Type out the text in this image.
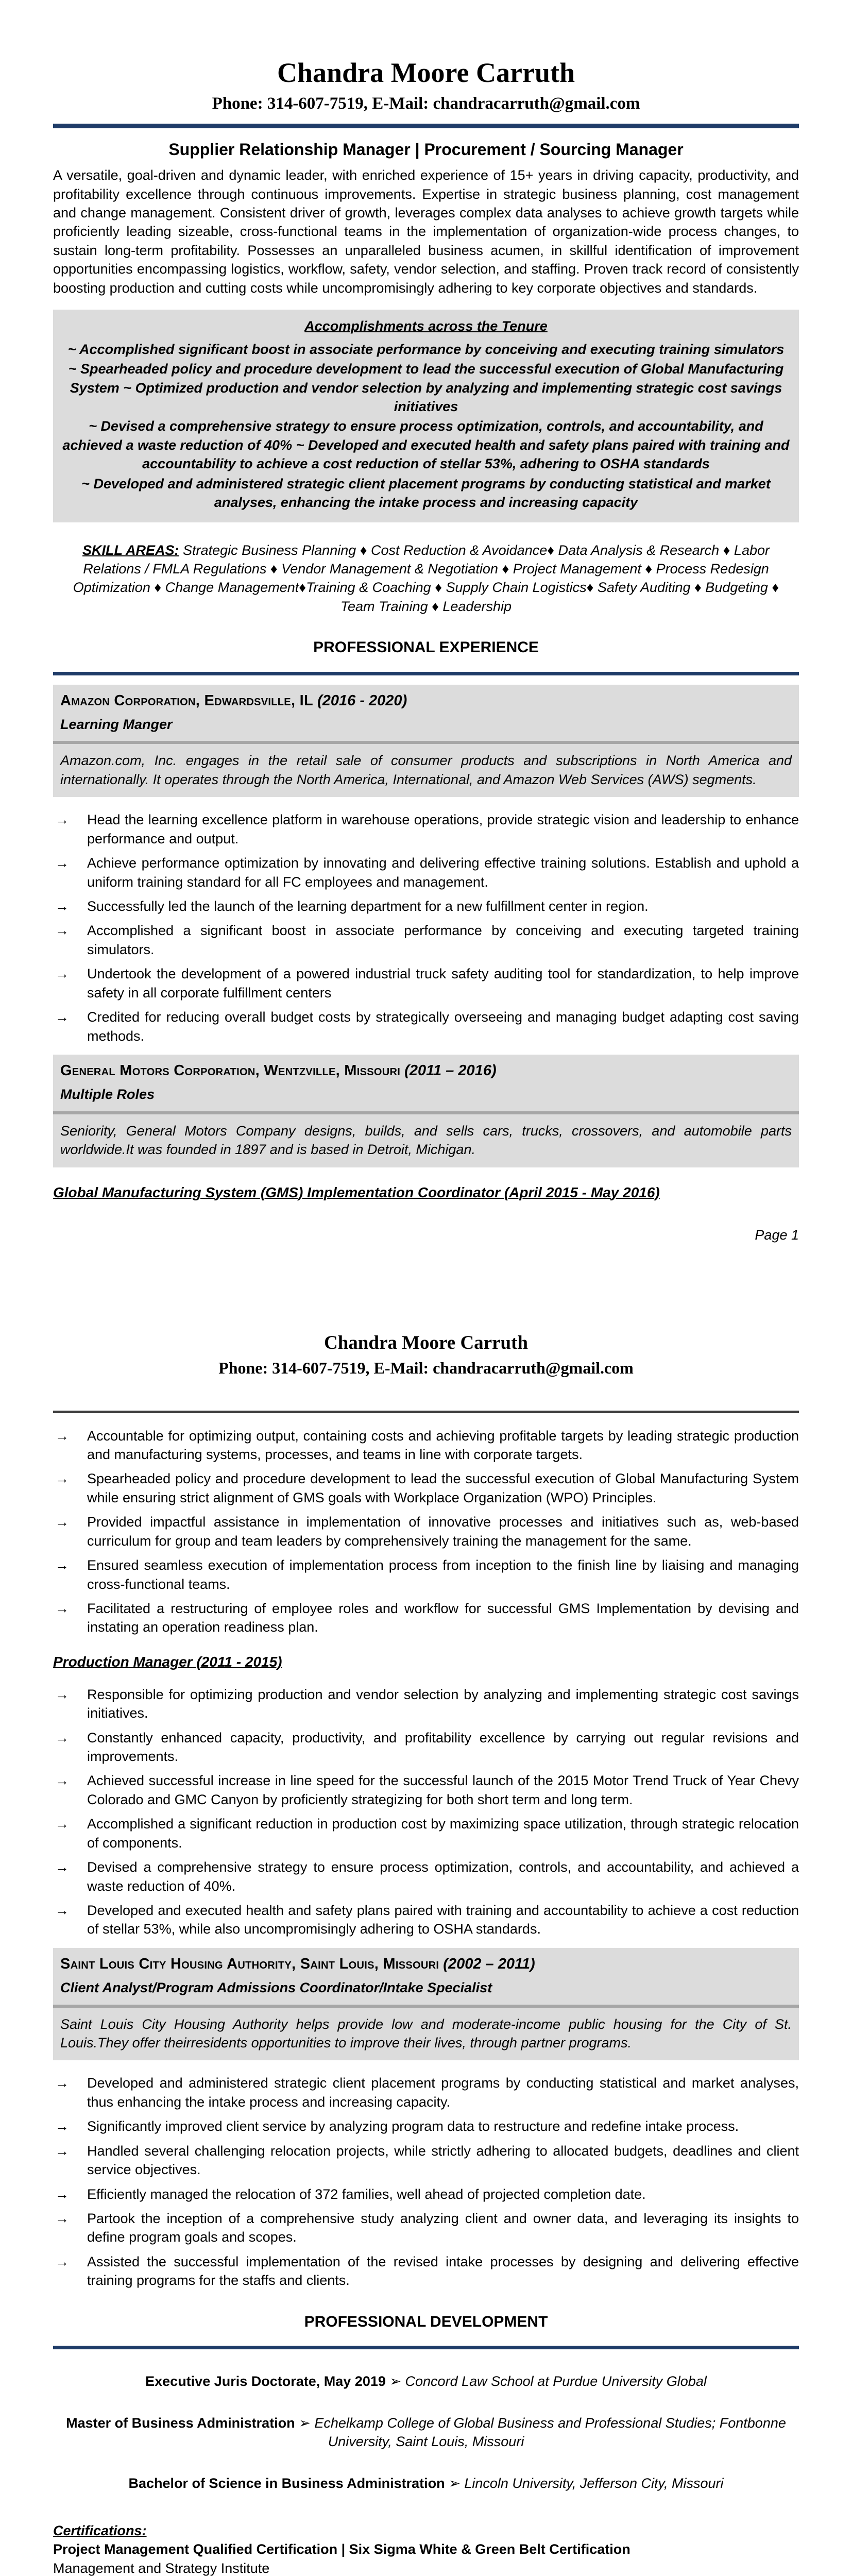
Chandra Moore Carruth
Phone: 314-607-7519, E-Mail: chandracarruth@gmail.com
Supplier Relationship Manager | Procurement / Sourcing Manager

A versatile, goal-driven and dynamic leader, with enriched experience of 15+ years in driving capacity, productivity, and profitability excellence through continuous improvements. Expertise in strategic business planning, cost management and change management. Consistent driver of growth, leverages complex data analyses to achieve growth targets while proficiently leading sizeable, cross-functional teams in the implementation of organization-wide process changes, to sustain long-term profitability. Possesses an unparalleled business acumen, in skillful identification of improvement opportunities encompassing logistics, workflow, safety, vendor selection, and staffing. Proven track record of consistently boosting production and cutting costs while uncompromisingly adhering to key corporate objectives and standards.

Accomplishments across the Tenure

~ Accomplished significant boost in associate performance by conceiving and executing training simulators

~ Spearheaded policy and procedure development to lead the successful execution of Global Manufacturing System ~ Optimized production and vendor selection by analyzing and implementing strategic cost savings initiatives

~ Devised a comprehensive strategy to ensure process optimization, controls, and accountability, and achieved a waste reduction of 40% ~ Developed and executed health and safety plans paired with training and accountability to achieve a cost reduction of stellar 53%, adhering to OSHA standards

~ Developed and administered strategic client placement programs by conducting statistical and market analyses, enhancing the intake process and increasing capacity

SKILL AREAS: Strategic Business Planning ♦ Cost Reduction & Avoidance♦ Data Analysis & Research ♦ Labor Relations / FMLA Regulations ♦ Vendor Management & Negotiation ♦ Project Management ♦ Process Redesign Optimization ♦ Change Management♦Training & Coaching ♦ Supply Chain Logistics♦ Safety Auditing ♦ Budgeting ♦ Team Training ♦ Leadership

PROFESSIONAL EXPERIENCE
Amazon Corporation, Edwardsville, IL (2016 - 2020)
Learning Manger
Amazon.com, Inc. engages in the retail sale of consumer products and subscriptions in North America and internationally. It operates through the North America, International, and Amazon Web Services (AWS) segments.
→	Head the learning excellence platform in warehouse operations, provide strategic vision and leadership to enhance performance and output.
→	Achieve performance optimization by innovating and delivering effective training solutions. Establish and uphold a uniform training standard for all FC employees and management.
→	Successfully led the launch of the learning department for a new fulfillment center in region.
→	Accomplished a significant boost in associate performance by conceiving and executing targeted training simulators.
→	Undertook the development of a powered industrial truck safety auditing tool for standardization, to help improve safety in all corporate fulfillment centers
→	Credited for reducing overall budget costs by strategically overseeing and managing budget adapting cost saving methods.
General Motors Corporation, Wentzville, Missouri (2011 – 2016)
Multiple Roles
Seniority, General Motors Company designs, builds, and sells cars, trucks, crossovers, and automobile parts worldwide.It was founded in 1897 and is based in Detroit, Michigan.
Global Manufacturing System (GMS) Implementation Coordinator (April 2015 - May 2016)
Page 1
Chandra Moore Carruth
Phone: 314-607-7519, E-Mail: chandracarruth@gmail.com
→	Accountable for optimizing output, containing costs and achieving profitable targets by leading strategic production and manufacturing systems, processes, and teams in line with corporate targets.
→	Spearheaded policy and procedure development to lead the successful execution of Global Manufacturing System while ensuring strict alignment of GMS goals with Workplace Organization (WPO) Principles.
→	Provided impactful assistance in implementation of innovative processes and initiatives such as, web-based curriculum for group and team leaders by comprehensively training the management for the same.
→	Ensured seamless execution of implementation process from inception to the finish line by liaising and managing cross-functional teams.
→	Facilitated a restructuring of employee roles and workflow for successful GMS Implementation by devising and instating an operation readiness plan.
Production Manager (2011 - 2015)
→	Responsible for optimizing production and vendor selection by analyzing and implementing strategic cost savings initiatives.
→	Constantly enhanced capacity, productivity, and profitability excellence by carrying out regular revisions and improvements.
→	Achieved successful increase in line speed for the successful launch of the 2015 Motor Trend Truck of Year Chevy Colorado and GMC Canyon by proficiently strategizing for both short term and long term.
→	Accomplished a significant reduction in production cost by maximizing space utilization, through strategic relocation of components.
→	Devised a comprehensive strategy to ensure process optimization, controls, and accountability, and achieved a waste reduction of 40%.
→	Developed and executed health and safety plans paired with training and accountability to achieve a cost reduction of stellar 53%, while also uncompromisingly adhering to OSHA standards.
Saint Louis City Housing Authority, Saint Louis, Missouri (2002 – 2011)
Client Analyst/Program Admissions Coordinator/Intake Specialist
Saint Louis City Housing Authority helps provide low and moderate-income public housing for the City of St. Louis.They offer theirresidents opportunities to improve their lives, through partner programs.
→	Developed and administered strategic client placement programs by conducting statistical and market analyses, thus enhancing the intake process and increasing capacity.
→	Significantly improved client service by analyzing program data to restructure and redefine intake process.
→	Handled several challenging relocation projects, while strictly adhering to allocated budgets, deadlines and client service objectives.
→	Efficiently managed the relocation of 372 families, well ahead of projected completion date.
→	Partook the inception of a comprehensive study analyzing client and owner data, and leveraging its insights to define program goals and scopes.
→	Assisted the successful implementation of the revised intake processes by designing and delivering effective training programs for the staffs and clients.
PROFESSIONAL DEVELOPMENT
Executive Juris Doctorate, May 2019 ➢ Concord Law School at Purdue University Global
Master of Business Administration ➢ Echelkamp College of Global Business and Professional Studies; Fontbonne University, Saint Louis, Missouri
Bachelor of Science in Business Administration ➢ Lincoln University, Jefferson City, Missouri
Certifications:
Project Management Qualified Certification | Six Sigma White & Green Belt Certification
Management and Strategy Institute
